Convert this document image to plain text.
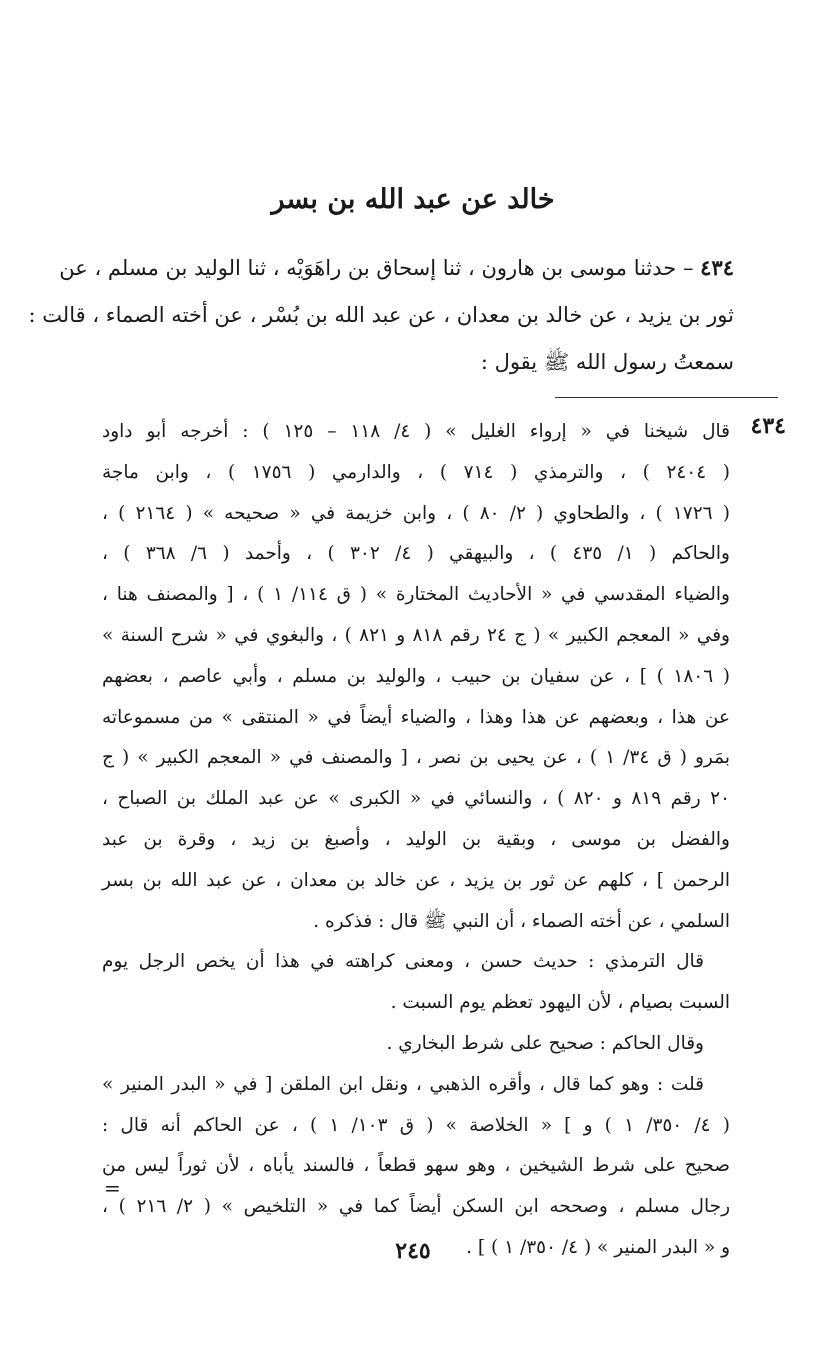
خالد عن عبد الله بن بسر
٤٣٤ – حدثنا موسى بن هارون ، ثنا إسحاق بن راهَوَيْه ، ثنا الوليد بن مسلم ، عن
ثور بن يزيد ، عن خالد بن معدان ، عن عبد الله بن بُسْر ، عن أخته الصماء ، قالت :
سمعتُ رسول الله ﷺ يقول :
٤٣٤
قال شيخنا في « إرواء الغليل » ( ٤/ ١١٨ – ١٢٥ ) : أخرجه أبو داود
( ٢٤٠٤ ) ، والترمذي ( ٧١٤ ) ، والدارمي ( ١٧٥٦ ) ، وابن ماجة
( ١٧٢٦ ) ، والطحاوي ( ٢/ ٨٠ ) ، وابن خزيمة في « صحيحه » ( ٢١٦٤ ) ،
والحاكم ( ١/ ٤٣٥ ) ، والبيهقي ( ٤/ ٣٠٢ ) ، وأحمد ( ٦/ ٣٦٨ ) ،
والضياء المقدسي في « الأحاديث المختارة » ( ق ١١٤/ ١ ) ، [ والمصنف هنا ،
وفي « المعجم الكبير » ( ج ٢٤ رقم ٨١٨ و ٨٢١ ) ، والبغوي في « شرح السنة »
( ١٨٠٦ ) ] ، عن سفيان بن حبيب ، والوليد بن مسلم ، وأبي عاصم ، بعضهم
عن هذا ، وبعضهم عن هذا وهذا ، والضياء أيضاً في « المنتقى » من مسموعاته
بمَرو ( ق ٣٤/ ١ ) ، عن يحيى بن نصر ، [ والمصنف في « المعجم الكبير » ( ج
٢٠ رقم ٨١٩ و ٨٢٠ ) ، والنسائي في « الكبرى » عن عبد الملك بن الصباح ،
والفضل بن موسى ، وبقية بن الوليد ، وأصبغ بن زيد ، وقرة بن عبد
الرحمن ] ، كلهم عن ثور بن يزيد ، عن خالد بن معدان ، عن عبد الله بن بسر
السلمي ، عن أخته الصماء ، أن النبي ﷺ قال : فذكره .
قال الترمذي : حديث حسن ، ومعنى كراهته في هذا أن يخص الرجل يوم
السبت بصيام ، لأن اليهود تعظم يوم السبت .
وقال الحاكم : صحيح على شرط البخاري .
قلت : وهو كما قال ، وأقره الذهبي ، ونقل ابن الملقن [ في « البدر المنير »
( ٤/ ٣٥٠/ ١ ) و ] « الخلاصة » ( ق ١٠٣/ ١ ) ، عن الحاكم أنه قال :
صحيح على شرط الشيخين ، وهو سهو قطعاً ، فالسند يأباه ، لأن ثوراً ليس من
رجال مسلم ، وصححه ابن السكن أيضاً كما في « التلخيص » ( ٢/ ٢١٦ ) ،
و « البدر المنير » ( ٤/ ٣٥٠/ ١ ) ] .
=
٢٤٥
